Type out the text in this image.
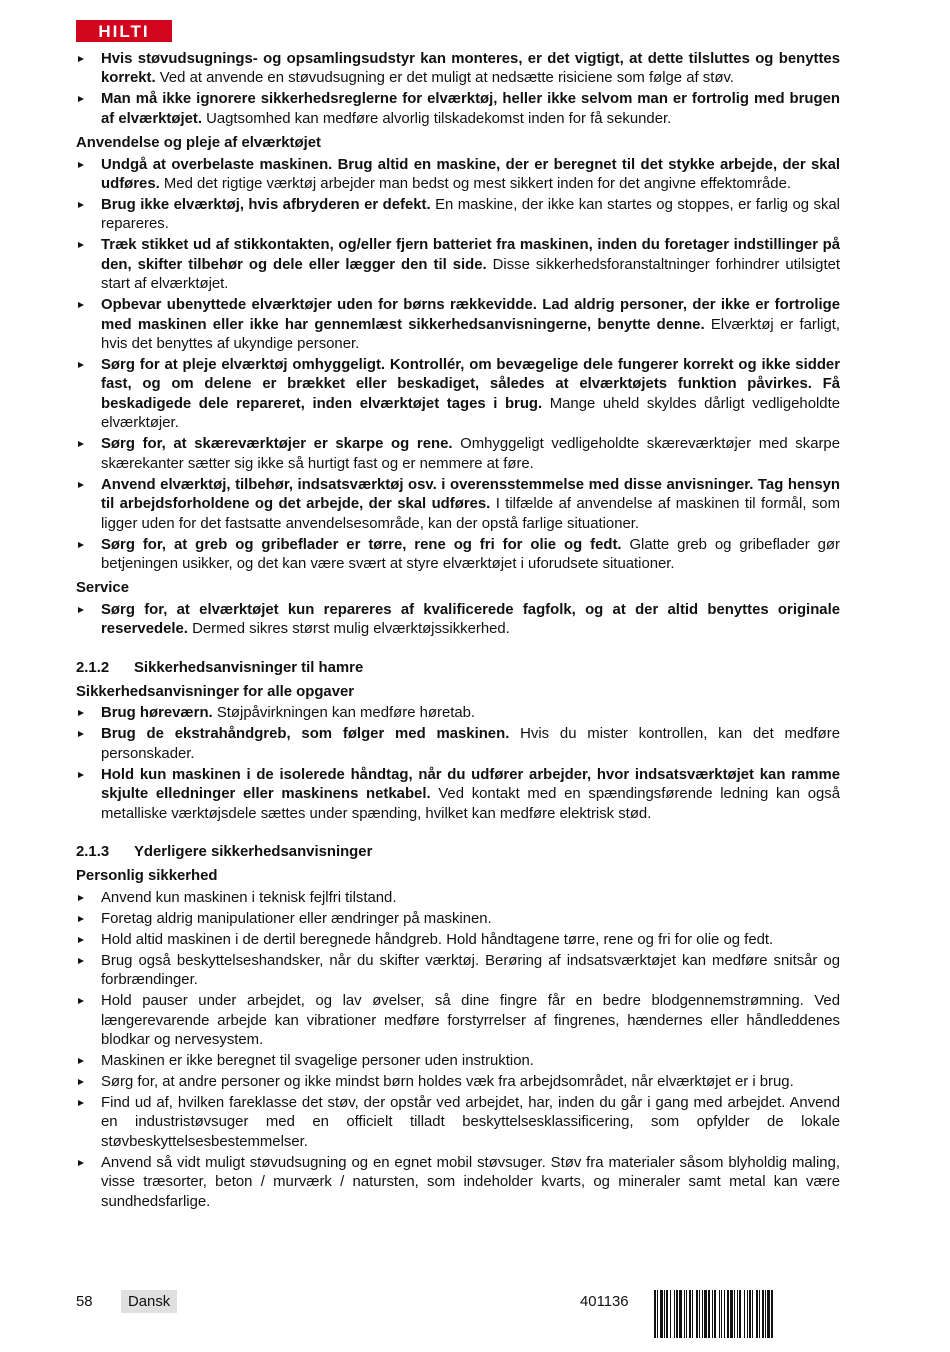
HILTI
Hvis støvudsugnings- og opsamlingsudstyr kan monteres, er det vigtigt, at dette tilsluttes og benyttes korrekt. Ved at anvende en støvudsugning er det muligt at nedsætte risiciene som følge af støv.
Man må ikke ignorere sikkerhedsreglerne for elværktøj, heller ikke selvom man er fortrolig med brugen af elværktøjet. Uagtsomhed kan medføre alvorlig tilskadekomst inden for få sekunder.
Anvendelse og pleje af elværktøjet
Undgå at overbelaste maskinen. Brug altid en maskine, der er beregnet til det stykke arbejde, der skal udføres. Med det rigtige værktøj arbejder man bedst og mest sikkert inden for det angivne effektområde.
Brug ikke elværktøj, hvis afbryderen er defekt. En maskine, der ikke kan startes og stoppes, er farlig og skal repareres.
Træk stikket ud af stikkontakten, og/eller fjern batteriet fra maskinen, inden du foretager indstillinger på den, skifter tilbehør og dele eller lægger den til side. Disse sikkerhedsforanstaltninger forhindrer utilsigtet start af elværktøjet.
Opbevar ubenyttede elværktøjer uden for børns rækkevidde. Lad aldrig personer, der ikke er fortrolige med maskinen eller ikke har gennemlæst sikkerhedsanvisningerne, benytte denne. Elværktøj er farligt, hvis det benyttes af ukyndige personer.
Sørg for at pleje elværktøj omhyggeligt. Kontrollér, om bevægelige dele fungerer korrekt og ikke sidder fast, og om delene er brækket eller beskadiget, således at elværktøjets funktion påvirkes. Få beskadigede dele repareret, inden elværktøjet tages i brug. Mange uheld skyldes dårligt vedligeholdte elværktøjer.
Sørg for, at skæreværktøjer er skarpe og rene. Omhyggeligt vedligeholdte skæreværktøjer med skarpe skærekanter sætter sig ikke så hurtigt fast og er nemmere at føre.
Anvend elværktøj, tilbehør, indsatsværktøj osv. i overensstemmelse med disse anvisninger. Tag hensyn til arbejdsforholdene og det arbejde, der skal udføres. I tilfælde af anvendelse af maskinen til formål, som ligger uden for det fastsatte anvendelsesområde, kan der opstå farlige situationer.
Sørg for, at greb og gribeflader er tørre, rene og fri for olie og fedt. Glatte greb og gribeflader gør betjeningen usikker, og det kan være svært at styre elværktøjet i uforudsete situationer.
Service
Sørg for, at elværktøjet kun repareres af kvalificerede fagfolk, og at der altid benyttes originale reservedele. Dermed sikres størst mulig elværktøjssikkerhed.
2.1.2 Sikkerhedsanvisninger til hamre
Sikkerhedsanvisninger for alle opgaver
Brug høreværn. Støjpåvirkningen kan medføre høretab.
Brug de ekstrahåndgreb, som følger med maskinen. Hvis du mister kontrollen, kan det medføre personskader.
Hold kun maskinen i de isolerede håndtag, når du udfører arbejder, hvor indsatsværktøjet kan ramme skjulte elledninger eller maskinens netkabel. Ved kontakt med en spændingsførende ledning kan også metalliske værktøjsdele sættes under spænding, hvilket kan medføre elektrisk stød.
2.1.3 Yderligere sikkerhedsanvisninger
Personlig sikkerhed
Anvend kun maskinen i teknisk fejlfri tilstand.
Foretag aldrig manipulationer eller ændringer på maskinen.
Hold altid maskinen i de dertil beregnede håndgreb. Hold håndtagene tørre, rene og fri for olie og fedt.
Brug også beskyttelseshandsker, når du skifter værktøj. Berøring af indsatsværktøjet kan medføre snitsår og forbrændinger.
Hold pauser under arbejdet, og lav øvelser, så dine fingre får en bedre blodgennemstrømning. Ved længerevarende arbejde kan vibrationer medføre forstyrrelser af fingrenes, hændernes eller håndleddenes blodkar og nervesystem.
Maskinen er ikke beregnet til svagelige personer uden instruktion.
Sørg for, at andre personer og ikke mindst børn holdes væk fra arbejdsområdet, når elværktøjet er i brug.
Find ud af, hvilken fareklasse det støv, der opstår ved arbejdet, har, inden du går i gang med arbejdet. Anvend en industristøvsuger med en officielt tilladt beskyttelsesklassificering, som opfylder de lokale støvbeskyttelsesbestemmelser.
Anvend så vidt muligt støvudsugning og en egnet mobil støvsuger. Støv fra materialer såsom blyholdig maling, visse træsorter, beton / murværk / natursten, som indeholder kvarts, og mineraler samt metal kan være sundhedsfarlige.
58	Dansk	401136
